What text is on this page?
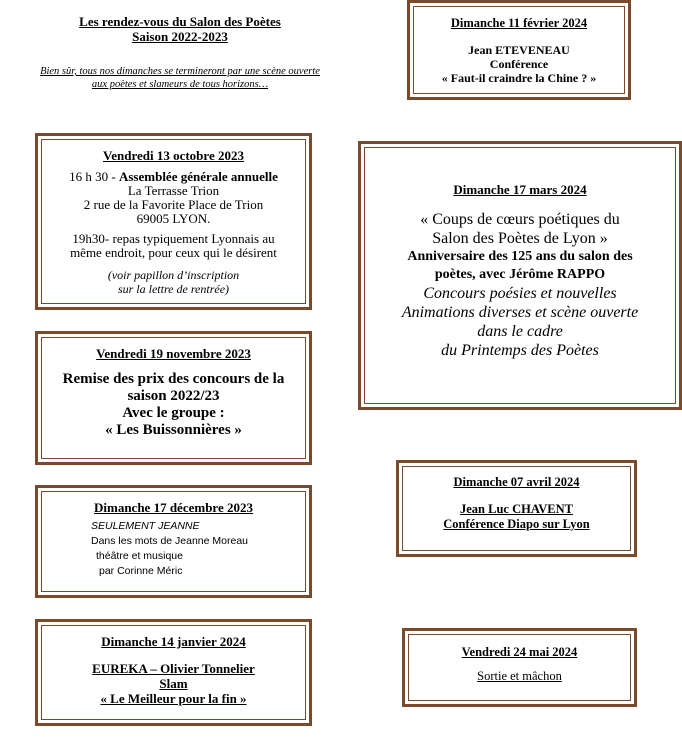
Les rendez-vous du Salon des Poètes
Saison 2022-2023
Bien sûr, tous nos dimanches se termineront par une scène ouverte
aux poètes et slameurs de tous horizons…
Vendredi 13 octobre 2023
16 h 30 - Assemblée générale annuelle
La Terrasse Trion
2 rue de la Favorite Place de Trion
69005 LYON.
19h30- repas typiquement Lyonnais au
même endroit, pour ceux qui le désirent
(voir papillon d’inscription
sur la lettre de rentrée)
Vendredi 19 novembre 2023
Remise des prix des concours de la
saison 2022/23
Avec le groupe :
« Les Buissonnières »
Dimanche 17 décembre 2023
SEULEMENT JEANNE
Dans les mots de Jeanne Moreau
théâtre et musique
par Corinne Méric
Dimanche 14 janvier 2024
EUREKA – Olivier Tonnelier
Slam
« Le Meilleur pour la fin »
Dimanche 11 février 2024
Jean ETEVENEAU
Conférence
« Faut-il craindre la Chine ? »
Dimanche 17 mars 2024
« Coups de cœurs poétiques du
Salon des Poètes de Lyon »
Anniversaire des 125 ans du salon des
poètes, avec Jérôme RAPPO
Concours poésies et nouvelles
Animations diverses et scène ouverte
dans le cadre
du Printemps des Poètes
Dimanche 07 avril 2024
Jean Luc CHAVENT
Conférence Diapo sur Lyon
Vendredi 24 mai 2024
Sortie et mâchon
